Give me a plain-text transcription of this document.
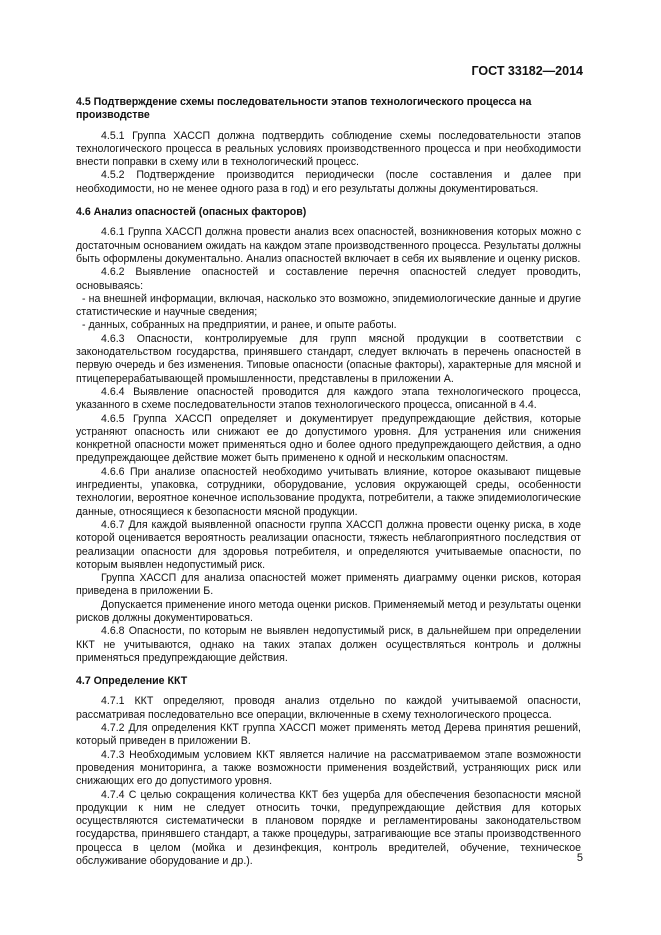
ГОСТ 33182—2014
4.5 Подтверждение схемы последовательности этапов технологического процесса на производстве

4.5.1 Группа ХАССП должна подтвердить соблюдение схемы последовательности этапов технологического процесса в реальных условиях производственного процесса и при необходимости внести поправки в схему или в технологический процесс.

4.5.2 Подтверждение производится периодически (после составления и далее при необходимости, но не менее одного раза в год) и его результаты должны документироваться.

4.6 Анализ опасностей (опасных факторов)

4.6.1 Группа ХАССП должна провести анализ всех опасностей, возникновения которых можно с достаточным основанием ожидать на каждом этапе производственного процесса. Результаты должны быть оформлены документально. Анализ опасностей включает в себя их выявление и оценку рисков.

4.6.2 Выявление опасностей и составление перечня опасностей следует проводить, основываясь:

- на внешней информации, включая, насколько это возможно, эпидемиологические данные и другие статистические и научные сведения;

- данных, собранных на предприятии, и ранее, и опыте работы.

4.6.3 Опасности, контролируемые для групп мясной продукции в соответствии с законодательством государства, принявшего стандарт, следует включать в перечень опасностей в первую очередь и без изменения. Типовые опасности (опасные факторы), характерные для мясной и птицеперерабатывающей промышленности, представлены в приложении А.

4.6.4 Выявление опасностей проводится для каждого этапа технологического процесса, указанного в схеме последовательности этапов технологического процесса, описанной в 4.4.

4.6.5 Группа ХАССП определяет и документирует предупреждающие действия, которые устраняют опасность или снижают ее до допустимого уровня. Для устранения или снижения конкретной опасности может применяться одно и более одного предупреждающего действия, а одно предупреждающее действие может быть применено к одной и нескольким опасностям.

4.6.6 При анализе опасностей необходимо учитывать влияние, которое оказывают пищевые ингредиенты, упаковка, сотрудники, оборудование, условия окружающей среды, особенности технологии, вероятное конечное использование продукта, потребители, а также эпидемиологические данные, относящиеся к безопасности мясной продукции.

4.6.7 Для каждой выявленной опасности группа ХАССП должна провести оценку риска, в ходе которой оценивается вероятность реализации опасности, тяжесть неблагоприятного последствия от реализации опасности для здоровья потребителя, и определяются учитываемые опасности, по которым выявлен недопустимый риск.

Группа ХАССП для анализа опасностей может применять диаграмму оценки рисков, которая приведена в приложении Б.

Допускается применение иного метода оценки рисков. Применяемый метод и результаты оценки рисков должны документироваться.

4.6.8 Опасности, по которым не выявлен недопустимый риск, в дальнейшем при определении ККТ не учитываются, однако на таких этапах должен осуществляться контроль и должны применяться предупреждающие действия.

4.7 Определение ККТ

4.7.1 ККТ определяют, проводя анализ отдельно по каждой учитываемой опасности, рассматривая последовательно все операции, включенные в схему технологического процесса.

4.7.2 Для определения ККТ группа ХАССП может применять метод Дерева принятия решений, который приведен в приложении В.

4.7.3 Необходимым условием ККТ является наличие на рассматриваемом этапе возможности проведения мониторинга, а также возможности применения воздействий, устраняющих риск или снижающих его до допустимого уровня.

4.7.4 С целью сокращения количества ККТ без ущерба для обеспечения безопасности мясной продукции к ним не следует относить точки, предупреждающие действия для которых осуществляются систематически в плановом порядке и регламентированы законодательством государства, принявшего стандарт, а также процедуры, затрагивающие все этапы производственного процесса в целом (мойка и дезинфекция, контроль вредителей, обучение, техническое обслуживание оборудование и др.).	5
